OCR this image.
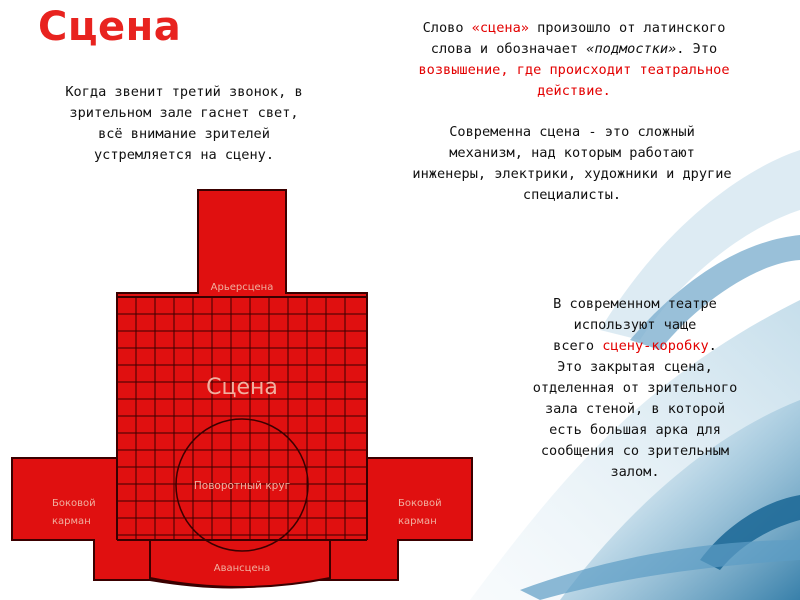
Сцена
Когда звенит третий звонок, в
зрительном зале гаснет свет,
всё внимание зрителей
устремляется на сцену.
Слово «сцена» произошло от латинского
слова и обозначает «подмостки». Это
возвышение, где происходит театральное
действие.
Современна сцена - это сложный
механизм, над которым работают
инженеры, электрики, художники и другие
специалисты.
В современном театре
используют чаще
всего сцену-коробку.
Это закрытая сцена,
отделенная от зрительного
зала стеной, в которой
есть большая арка для
сообщения со зрительным
залом.
Арьерсцена
Сцена
Поворотный круг
Боковой
карман
Боковой
карман
Авансцена
